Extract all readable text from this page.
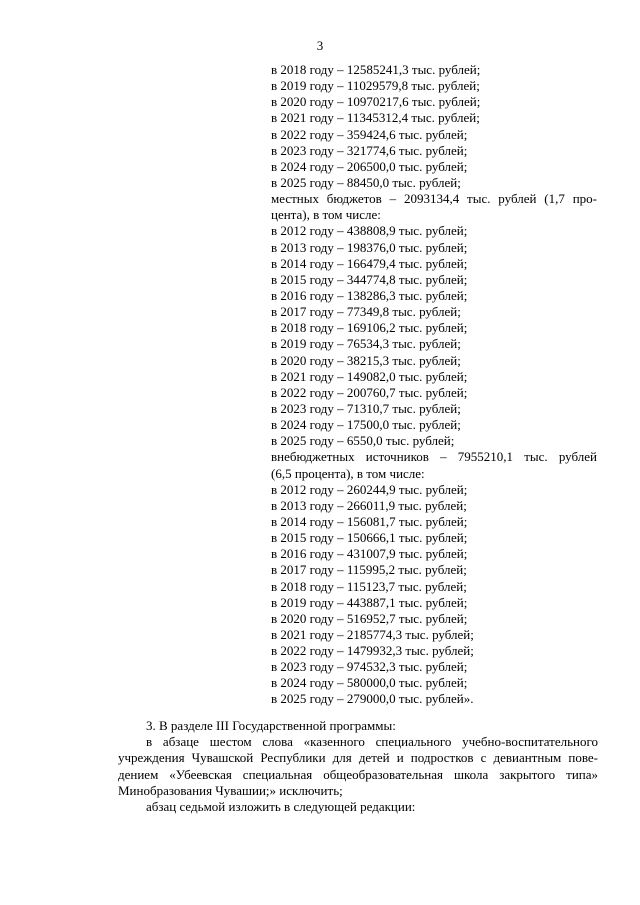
3
в 2018 году – 12585241,3 тыс. рублей;
в 2019 году – 11029579,8 тыс. рублей;
в 2020 году – 10970217,6 тыс. рублей;
в 2021 году – 11345312,4 тыс. рублей;
в 2022 году – 359424,6 тыс. рублей;
в 2023 году – 321774,6 тыс. рублей;
в 2024 году – 206500,0 тыс. рублей;
в 2025 году – 88450,0 тыс. рублей;
местных бюджетов – 2093134,4 тыс. рублей (1,7 про-
цента), в том числе:
в 2012 году – 438808,9 тыс. рублей;
в 2013 году – 198376,0 тыс. рублей;
в 2014 году – 166479,4 тыс. рублей;
в 2015 году – 344774,8 тыс. рублей;
в 2016 году – 138286,3 тыс. рублей;
в 2017 году – 77349,8 тыс. рублей;
в 2018 году – 169106,2 тыс. рублей;
в 2019 году – 76534,3 тыс. рублей;
в 2020 году – 38215,3 тыс. рублей;
в 2021 году – 149082,0 тыс. рублей;
в 2022 году – 200760,7 тыс. рублей;
в 2023 году – 71310,7 тыс. рублей;
в 2024 году – 17500,0 тыс. рублей;
в 2025 году – 6550,0 тыс. рублей;
внебюджетных источников – 7955210,1 тыс. рублей
(6,5 процента), в том числе:
в 2012 году – 260244,9 тыс. рублей;
в 2013 году – 266011,9 тыс. рублей;
в 2014 году – 156081,7 тыс. рублей;
в 2015 году – 150666,1 тыс. рублей;
в 2016 году – 431007,9 тыс. рублей;
в 2017 году – 115995,2 тыс. рублей;
в 2018 году – 115123,7 тыс. рублей;
в 2019 году – 443887,1 тыс. рублей;
в 2020 году – 516952,7 тыс. рублей;
в 2021 году – 2185774,3 тыс. рублей;
в 2022 году – 1479932,3 тыс. рублей;
в 2023 году – 974532,3 тыс. рублей;
в 2024 году – 580000,0 тыс. рублей;
в 2025 году – 279000,0 тыс. рублей».
3. В разделе III Государственной программы:
в абзаце шестом слова «казенного специального учебно-воспитательного
учреждения Чувашской Республики для детей и подростков с девиантным пове-
дением «Убеевская специальная общеобразовательная школа закрытого типа»
Минобразования Чувашии;» исключить;
абзац седьмой изложить в следующей редакции:
